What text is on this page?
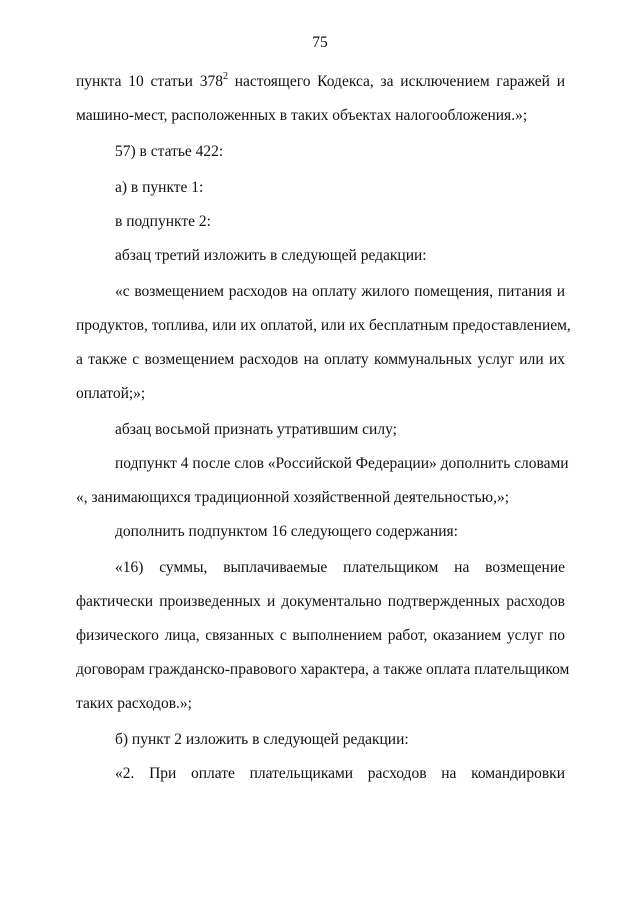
75
пункта 10 статьи $378^2$ настоящего Кодекса, за исключением гаражей и
машино-мест, расположенных в таких объектах налогообложения.»;
57) в статье 422:
а) в пункте 1:
в подпункте 2:
абзац третий изложить в следующей редакции:
«с возмещением расходов на оплату жилого помещения, питания и
продуктов, топлива, или их оплатой, или их бесплатным предоставлением,
а также с возмещением расходов на оплату коммунальных услуг или их
оплатой;»;
абзац восьмой признать утратившим силу;
подпункт 4 после слов «Российской Федерации» дополнить словами
«, занимающихся традиционной хозяйственной деятельностью,»;
дополнить подпунктом 16 следующего содержания:
«16) суммы, выплачиваемые плательщиком на возмещение
фактически произведенных и документально подтвержденных расходов
физического лица, связанных с выполнением работ, оказанием услуг по
договорам гражданско-правового характера, а также оплата плательщиком
таких расходов.»;
б) пункт 2 изложить в следующей редакции:
«2. При оплате плательщиками расходов на командировки
